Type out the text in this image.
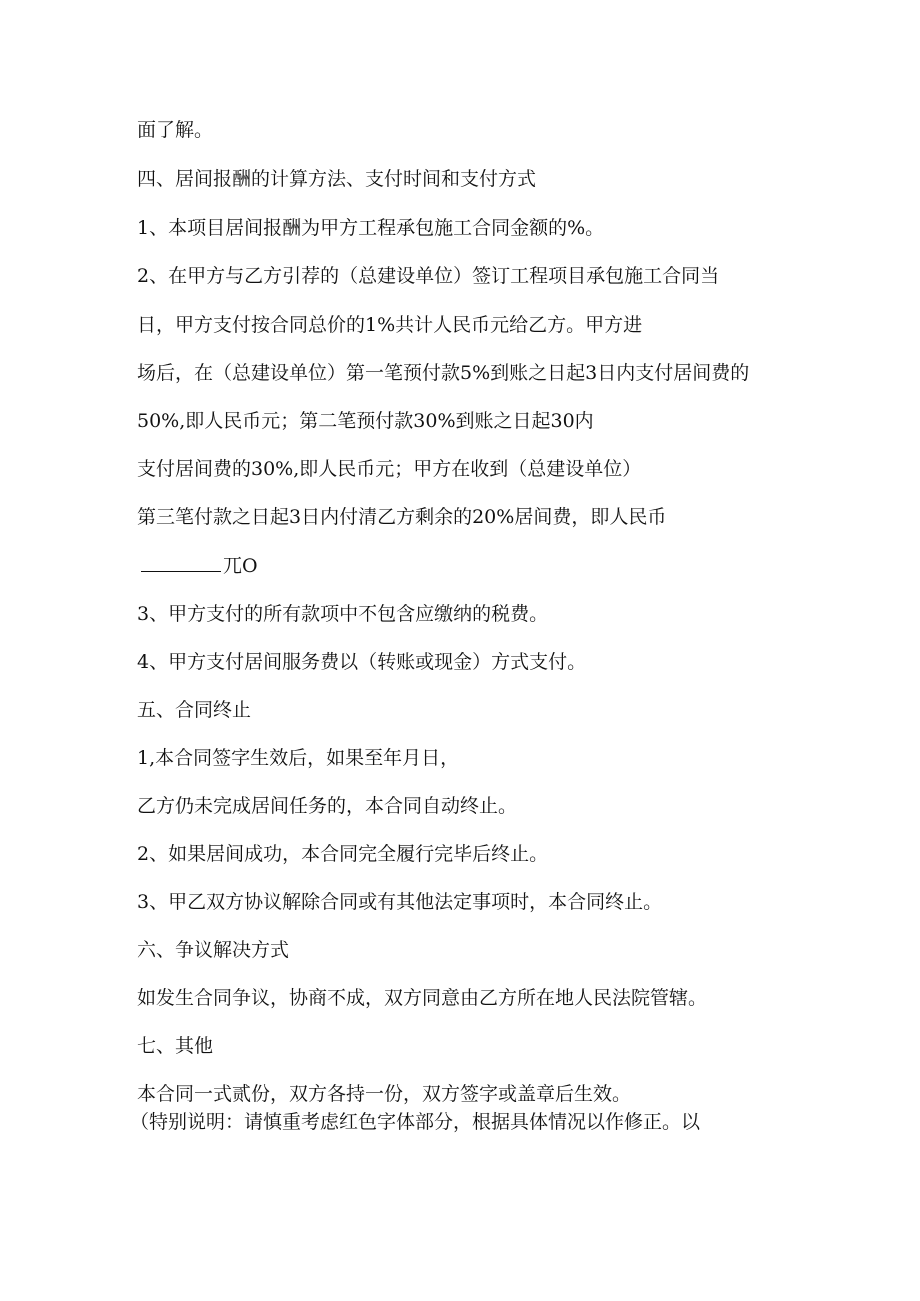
面了解。

四、居间报酬的计算方法、支付时间和支付方式

1、本项目居间报酬为甲方工程承包施工合同金额的%。

2、在甲方与乙方引荐的（总建设单位）签订工程项目承包施工合同当

日，甲方支付按合同总价的1%共计人民币元给乙方。甲方进

场后，在（总建设单位）第一笔预付款5%到账之日起3日内支付居间费的

50%,即人民币元；第二笔预付款30%到账之日起30内

支付居间费的30%,即人民币元；甲方在收到（总建设单位）

第三笔付款之日起3日内付清乙方剩余的20%居间费，即人民币

兀O

3、甲方支付的所有款项中不包含应缴纳的税费。

4、甲方支付居间服务费以（转账或现金）方式支付。

五、合同终止

1,本合同签字生效后，如果至年月日，

乙方仍未完成居间任务的，本合同自动终止。

2、如果居间成功，本合同完全履行完毕后终止。

3、甲乙双方协议解除合同或有其他法定事项时，本合同终止。

六、争议解决方式

如发生合同争议，协商不成，双方同意由乙方所在地人民法院管辖。

七、其他

本合同一式贰份，双方各持一份，双方签字或盖章后生效。

（特别说明：请慎重考虑红色字体部分，根据具体情况以作修正。以
